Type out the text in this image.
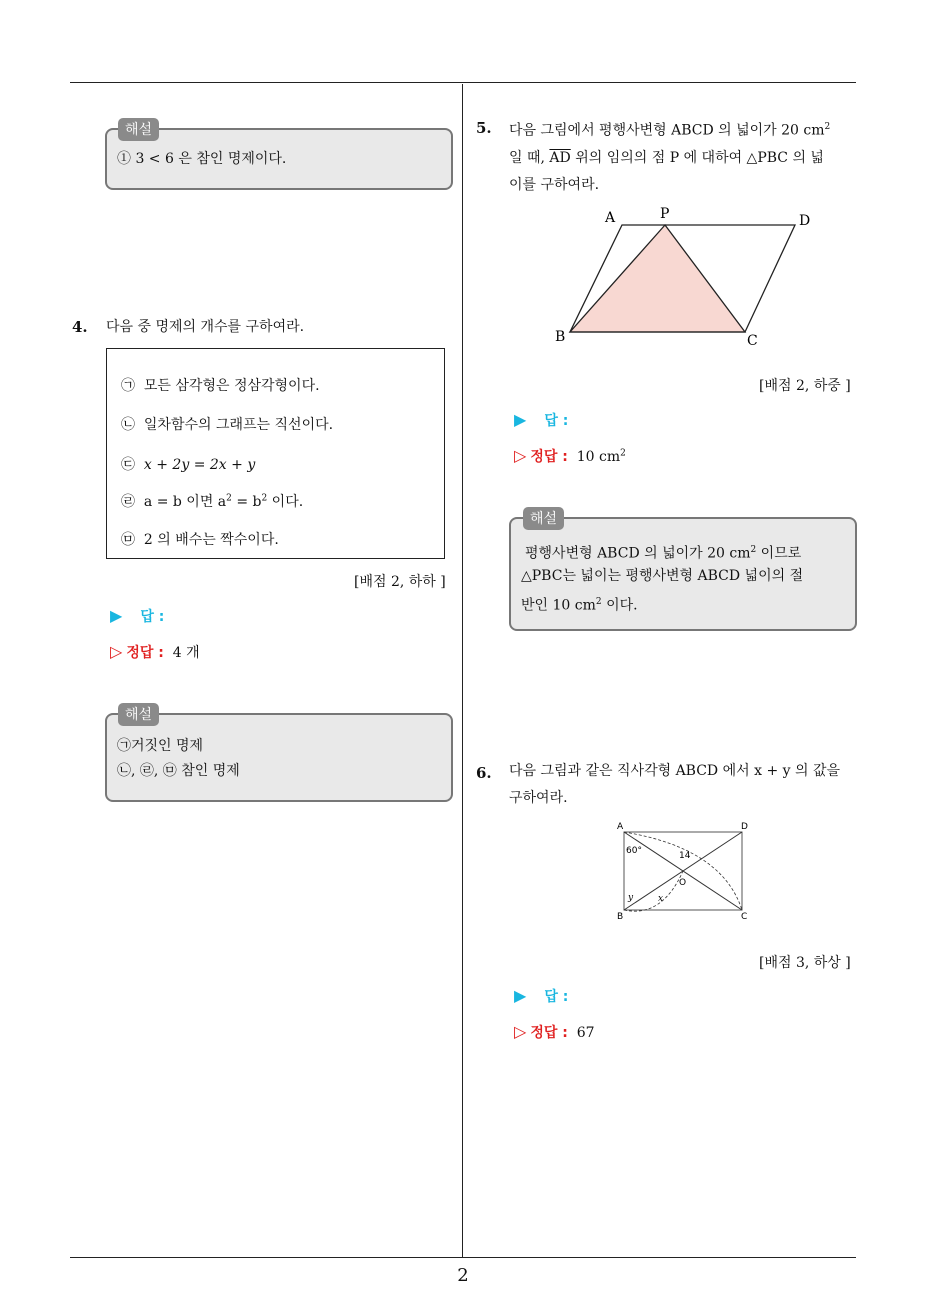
① 3 < 6 은 참인 명제이다.
해설
4. 다음 중 명제의 개수를 구하여라.
㉠ 모든 삼각형은 정삼각형이다.
㉡ 일차함수의 그래프는 직선이다.
㉢ x + 2y = 2x + y
㉣ a = b 이면 $a^2 = b^2$ 이다.
㉤ 2 의 배수는 짝수이다.
[배점 2, 하하 ]
▶ 답 :
▷ 정답 : 4 개
㉠거짓인 명제
㉡, ㉣, ㉤ 참인 명제
해설
5. 다음 그림에서 평행사변형 ABCD 의 넓이가 20 $cm^2$
일 때, $\overline{AD}$ 위의 임의의 점 P 에 대하여 △PBC 의 넓
이를 구하여라.
A	P	D
B	C
[배점 2, 하중 ]
▶ 답 :
▷ 정답 : 10 $cm^2$
평행사변형 ABCD 의 넓이가 20 $cm^2$ 이므로
△PBC는 넓이는 평행사변형 ABCD 넓이의 절
반인 10 $cm^2$ 이다.
해설
6. 다음 그림과 같은 직사각형 ABCD 에서 x + y 의 값을
구하여라.
A	D
B	C
O
60°	14
x
y
[배점 3, 하상 ]
▶ 답 :
▷ 정답 : 67
2
